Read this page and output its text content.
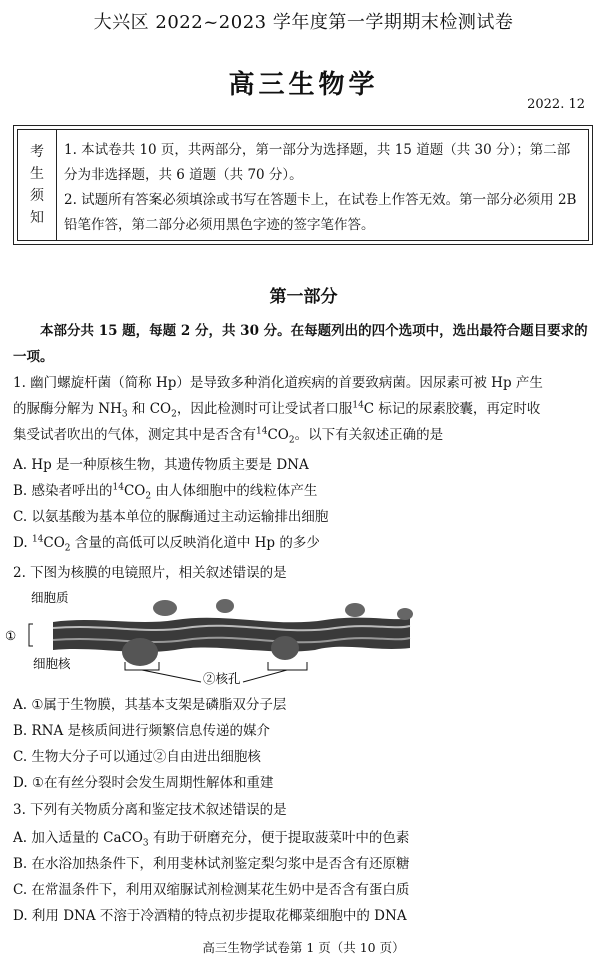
大兴区 2022~2023 学年度第一学期期末检测试卷
高三生物学
2022. 12
考
生
须
知

1. 本试卷共 10 页，共两部分，第一部分为选择题，共 15 道题（共 30 分）；第二部分为非选择题，共 6 道题（共 70 分）。

2. 试题所有答案必须填涂或书写在答题卡上，在试卷上作答无效。第一部分必须用 2B 铅笔作答，第二部分必须用黑色字迹的签字笔作答。

第一部分
本部分共 15 题，每题 2 分，共 30 分。在每题列出的四个选项中，选出最符合题目要求的一项。
1. 幽门螺旋杆菌（简称 Hp）是导致多种消化道疾病的首要致病菌。因尿素可被 Hp 产生
的脲酶分解为 $NH_3$ 和 $CO_2$，因此检测时可让受试者口服$^{14}$C 标记的尿素胶囊，再定时收
集受试者吹出的气体，测定其中是否含有$^{14}CO_2$。以下有关叙述正确的是
A. Hp 是一种原核生物，其遗传物质主要是 DNA
B. 感染者呼出的$^{14}CO_2$ 由人体细胞中的线粒体产生
C. 以氨基酸为基本单位的脲酶通过主动运输排出细胞
D. $^{14}CO_2$ 含量的高低可以反映消化道中 Hp 的多少
2. 下图为核膜的电镜照片，相关叙述错误的是
细胞质
①
细胞核
②核孔
A. ①属于生物膜，其基本支架是磷脂双分子层
B. RNA 是核质间进行频繁信息传递的媒介
C. 生物大分子可以通过②自由进出细胞核
D. ①在有丝分裂时会发生周期性解体和重建
3. 下列有关物质分离和鉴定技术叙述错误的是
A. 加入适量的 CaCO$_3$ 有助于研磨充分，便于提取菠菜叶中的色素
B. 在水浴加热条件下，利用斐林试剂鉴定梨匀浆中是否含有还原糖
C. 在常温条件下，利用双缩脲试剂检测某花生奶中是否含有蛋白质
D. 利用 DNA 不溶于冷酒精的特点初步提取花椰菜细胞中的 DNA
高三生物学试卷第 1 页（共 10 页）
